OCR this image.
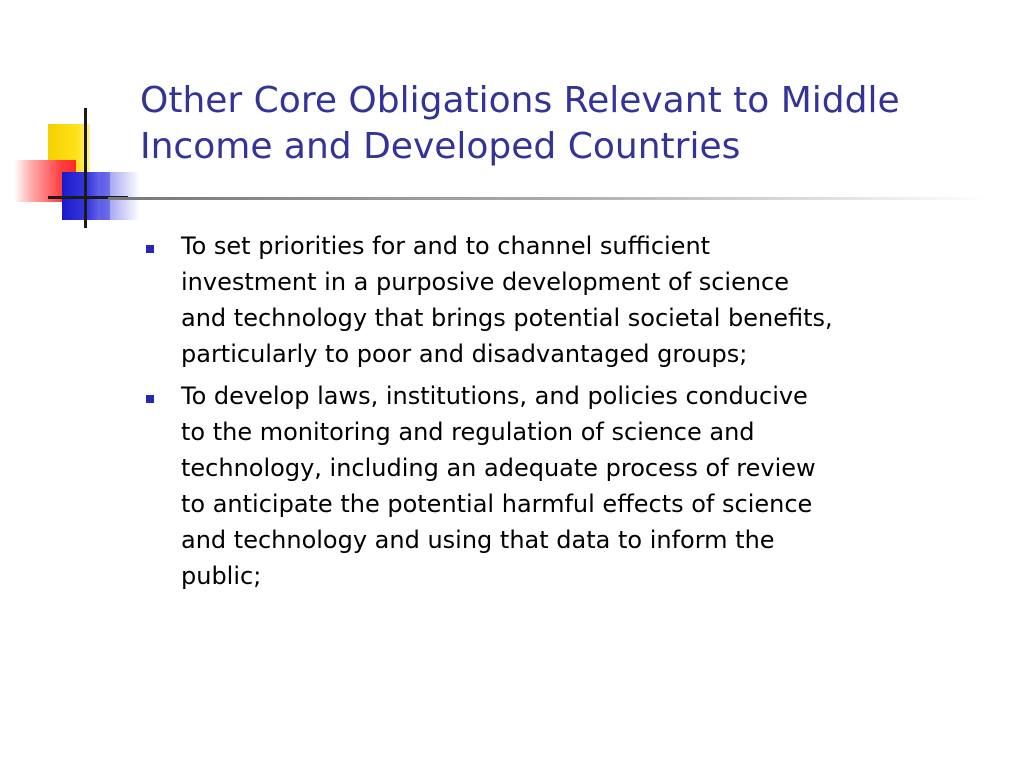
Other Core Obligations Relevant to Middle
Income and Developed Countries
To set priorities for and to channel sufficient
investment in a purposive development of science
and technology that brings potential societal benefits,
particularly to poor and disadvantaged groups;
To develop laws, institutions, and policies conducive
to the monitoring and regulation of science and
technology, including an adequate process of review
to anticipate the potential harmful effects of science
and technology and using that data to inform the
public;
